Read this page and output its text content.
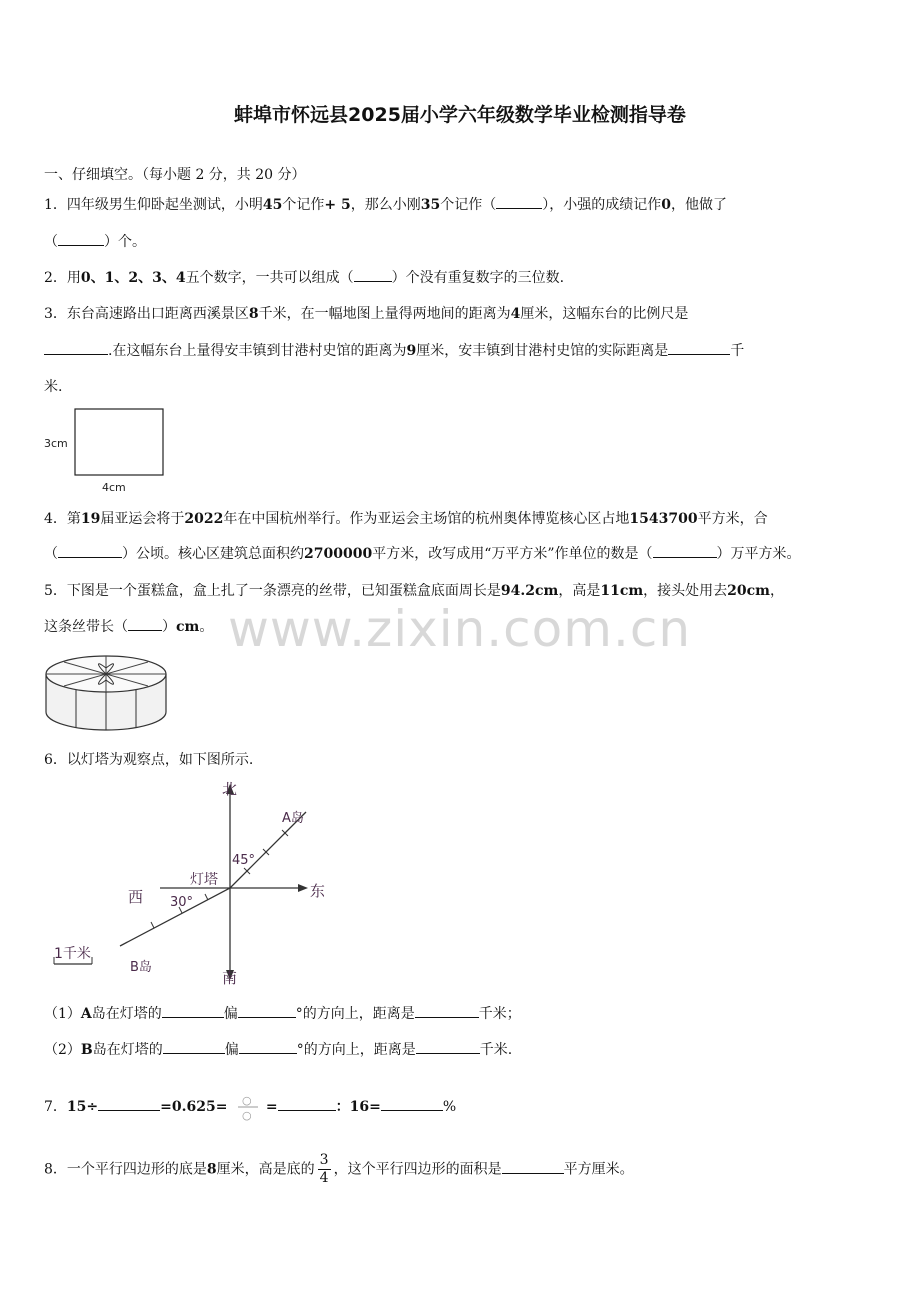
蚌埠市怀远县2025届小学六年级数学毕业检测指导卷
一、仔细填空。（每小题 2 分，共 20 分）
1．四年级男生仰卧起坐测试，小明45个记作+ 5，那么小刚35个记作（	），小强的成绩记作0，他做了
（	）个。
2．用0、1、2、3、4五个数字，一共可以组成（	）个没有重复数字的三位数.
3．东台高速路出口距离西溪景区8千米，在一幅地图上量得两地间的距离为4厘米，这幅东台的比例尺是
.在这幅东台上量得安丰镇到甘港村史馆的距离为9厘米，安丰镇到甘港村史馆的实际距离是	千
米.
3cm
4cm
4．第19届亚运会将于2022年在中国杭州举行。作为亚运会主场馆的杭州奥体博览核心区占地1543700平方米，合
（	）公顷。核心区建筑总面积约2700000平方米，改写成用“万平方米”作单位的数是（	）万平方米。
5．下图是一个蛋糕盒，盒上扎了一条漂亮的丝带，已知蛋糕盒底面周长是94.2cm，高是11cm，接头处用去20cm，
这条丝带长（ ）cm。
6．以灯塔为观察点，如下图所示.
北
南
东
西
灯塔
45°
30°
A岛
B岛
1千米
（1）A岛在灯塔的	偏	°的方向上，距离是	千米；
（2）B岛在灯塔的	偏	°的方向上，距离是	千米.
7．15÷	=0.625= ○
○
=	：16=	%
8．一个平行四边形的底是8厘米，高是底的 $\frac{3}{4}$ ，这个平行四边形的面积是	平方厘米。
www.zixin.com.cn
